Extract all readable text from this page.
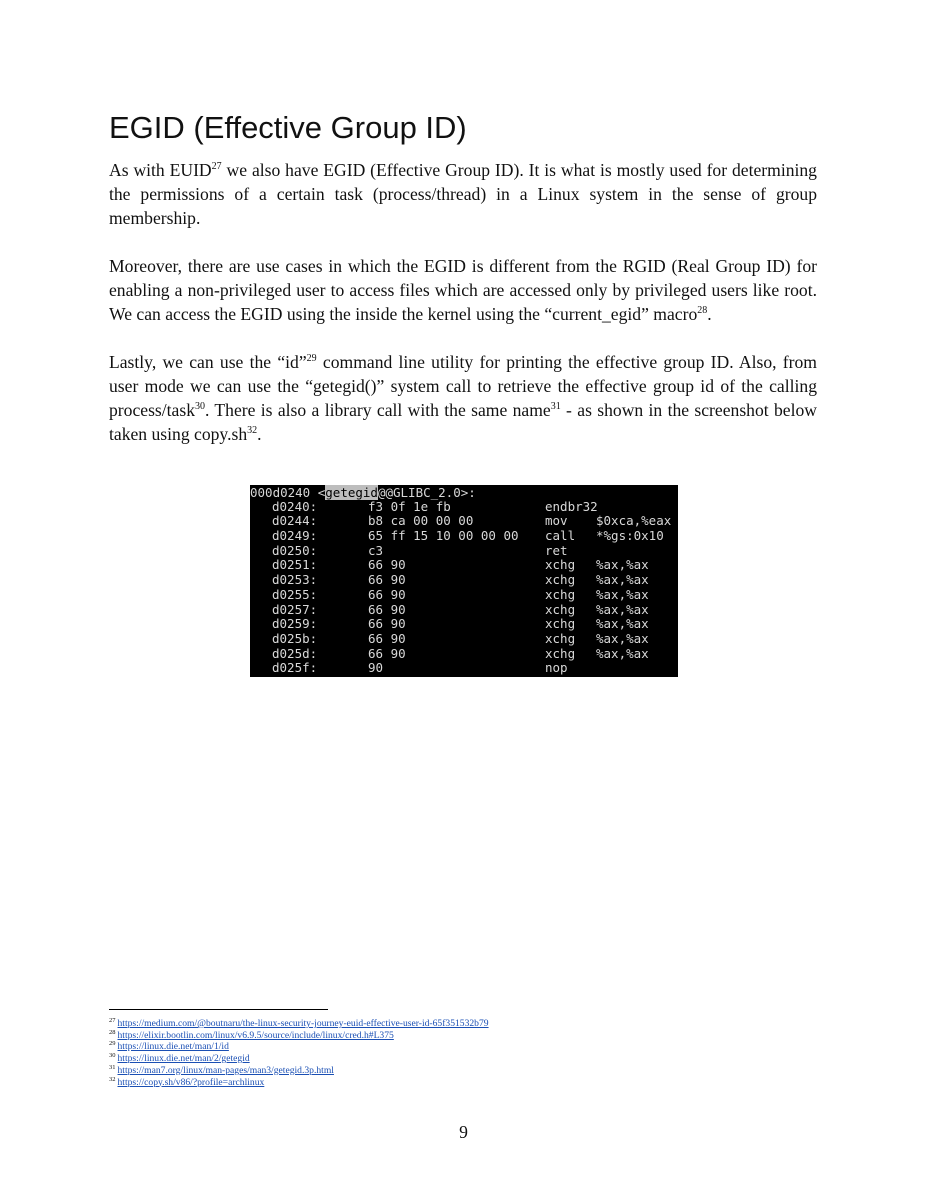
EGID (Effective Group ID)

As with EUID$^{27}$ we also have EGID (Effective Group ID). It is what is mostly used for determining the permissions of a certain task (process/thread) in a Linux system in the sense of group membership.

Moreover, there are use cases in which the EGID is different from the RGID (Real Group ID) for enabling a non-privileged user to access files which are accessed only by privileged users like root. We can access the EGID using the inside the kernel using the “current_egid” macro$^{28}$.

Lastly, we can use the “id”$^{29}$ command line utility for printing the effective group ID. Also, from user mode we can use the “getegid()” system call to retrieve the effective group id of the calling process/task$^{30}$. There is also a library call with the same name$^{31}$ - as shown in the screenshot below taken using $copy.sh^{32}$.

000d0240 <getegid@@GLIBC_2.0>:

d0240:	f3 0f 1e fb	endbr32
d0244:	b8 ca 00 00 00	mov $0xca,%eax
d0249:	65 ff 15 10 00 00 00 call *%gs:0x10
d0250:	c3	ret
d0251:	66 90	xchg %ax,%ax
d0253:	66 90	xchg %ax,%ax
d0255:	66 90	xchg %ax,%ax
d0257:	66 90	xchg %ax,%ax
d0259:	66 90	xchg %ax,%ax
d025b:	66 90	xchg %ax,%ax
d025d:	66 90	xchg %ax,%ax
d025f:	90	nop
$^{27}$ https://medium.com/@boutnaru/the-linux-security-journey-euid-effective-user-id-65f351532b79
$^{28}$ https://elixir.bootlin.com/linux/v6.9.5/source/include/linux/cred.h#L375
$^{29}$ https://linux.die.net/man/1/id
$^{30}$ https://linux.die.net/man/2/getegid
$^{31}$ https://man7.org/linux/man-pages/man3/getegid.3p.html
$^{32}$ https://copy.sh/v86/?profile=archlinux
9
